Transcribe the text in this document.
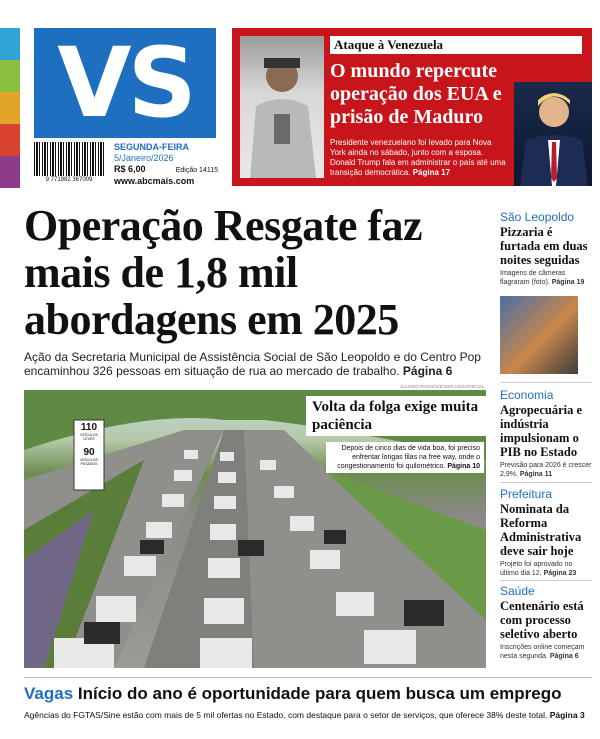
VS
9 771982 367009
SEGUNDA-FEIRA
5/Janeiro/2026
R$ 6,00	Edição 14115
www.abcmais.com
Ataque à Venezuela
O mundo repercute operação dos EUA e prisão de Maduro
Presidente venezuelano foi levado para Nova York ainda no sábado, junto com a esposa. Donald Trump fala em administrar o país até uma transição democrática. Página 17
Operação Resgate faz mais de 1,8 mil abordagens em 2025

Ação da Secretaria Municipal de Assistência Social de São Leopoldo e do Centro Pop encaminhou 326 pessoas em situação de rua ao mercado de trabalho. Página 6

JULIANO PASSOS/ENGPLUS/ESPECIAL
110
VEÍCULOS LEVES
90
VEÍCULOS PESADOS
Volta da folga exige muita paciência
Depois de cinco dias de vida boa, foi preciso enfrentar longas filas na free way, onde o congestionamento foi quilométrico. Página 10
São Leopoldo
Pizzaria é furtada em duas noites seguidas
Imagens de câmeras flagraram (foto). Página 19
Economia
Agropecuária e indústria impulsionam o PIB no Estado
Previsão para 2026 é crescer 2,9%. Página 11
Prefeitura
Nominata da Reforma Administrativa deve sair hoje
Projeto foi aprovado no último dia 12. Página 23
Saúde
Centenário está com processo seletivo aberto
Inscrições online começam nesta segunda. Página 6
Vagas Início do ano é oportunidade para quem busca um emprego
Agências do FGTAS/Sine estão com mais de 5 mil ofertas no Estado, com destaque para o setor de serviços, que oferece 38% deste total. Página 3
